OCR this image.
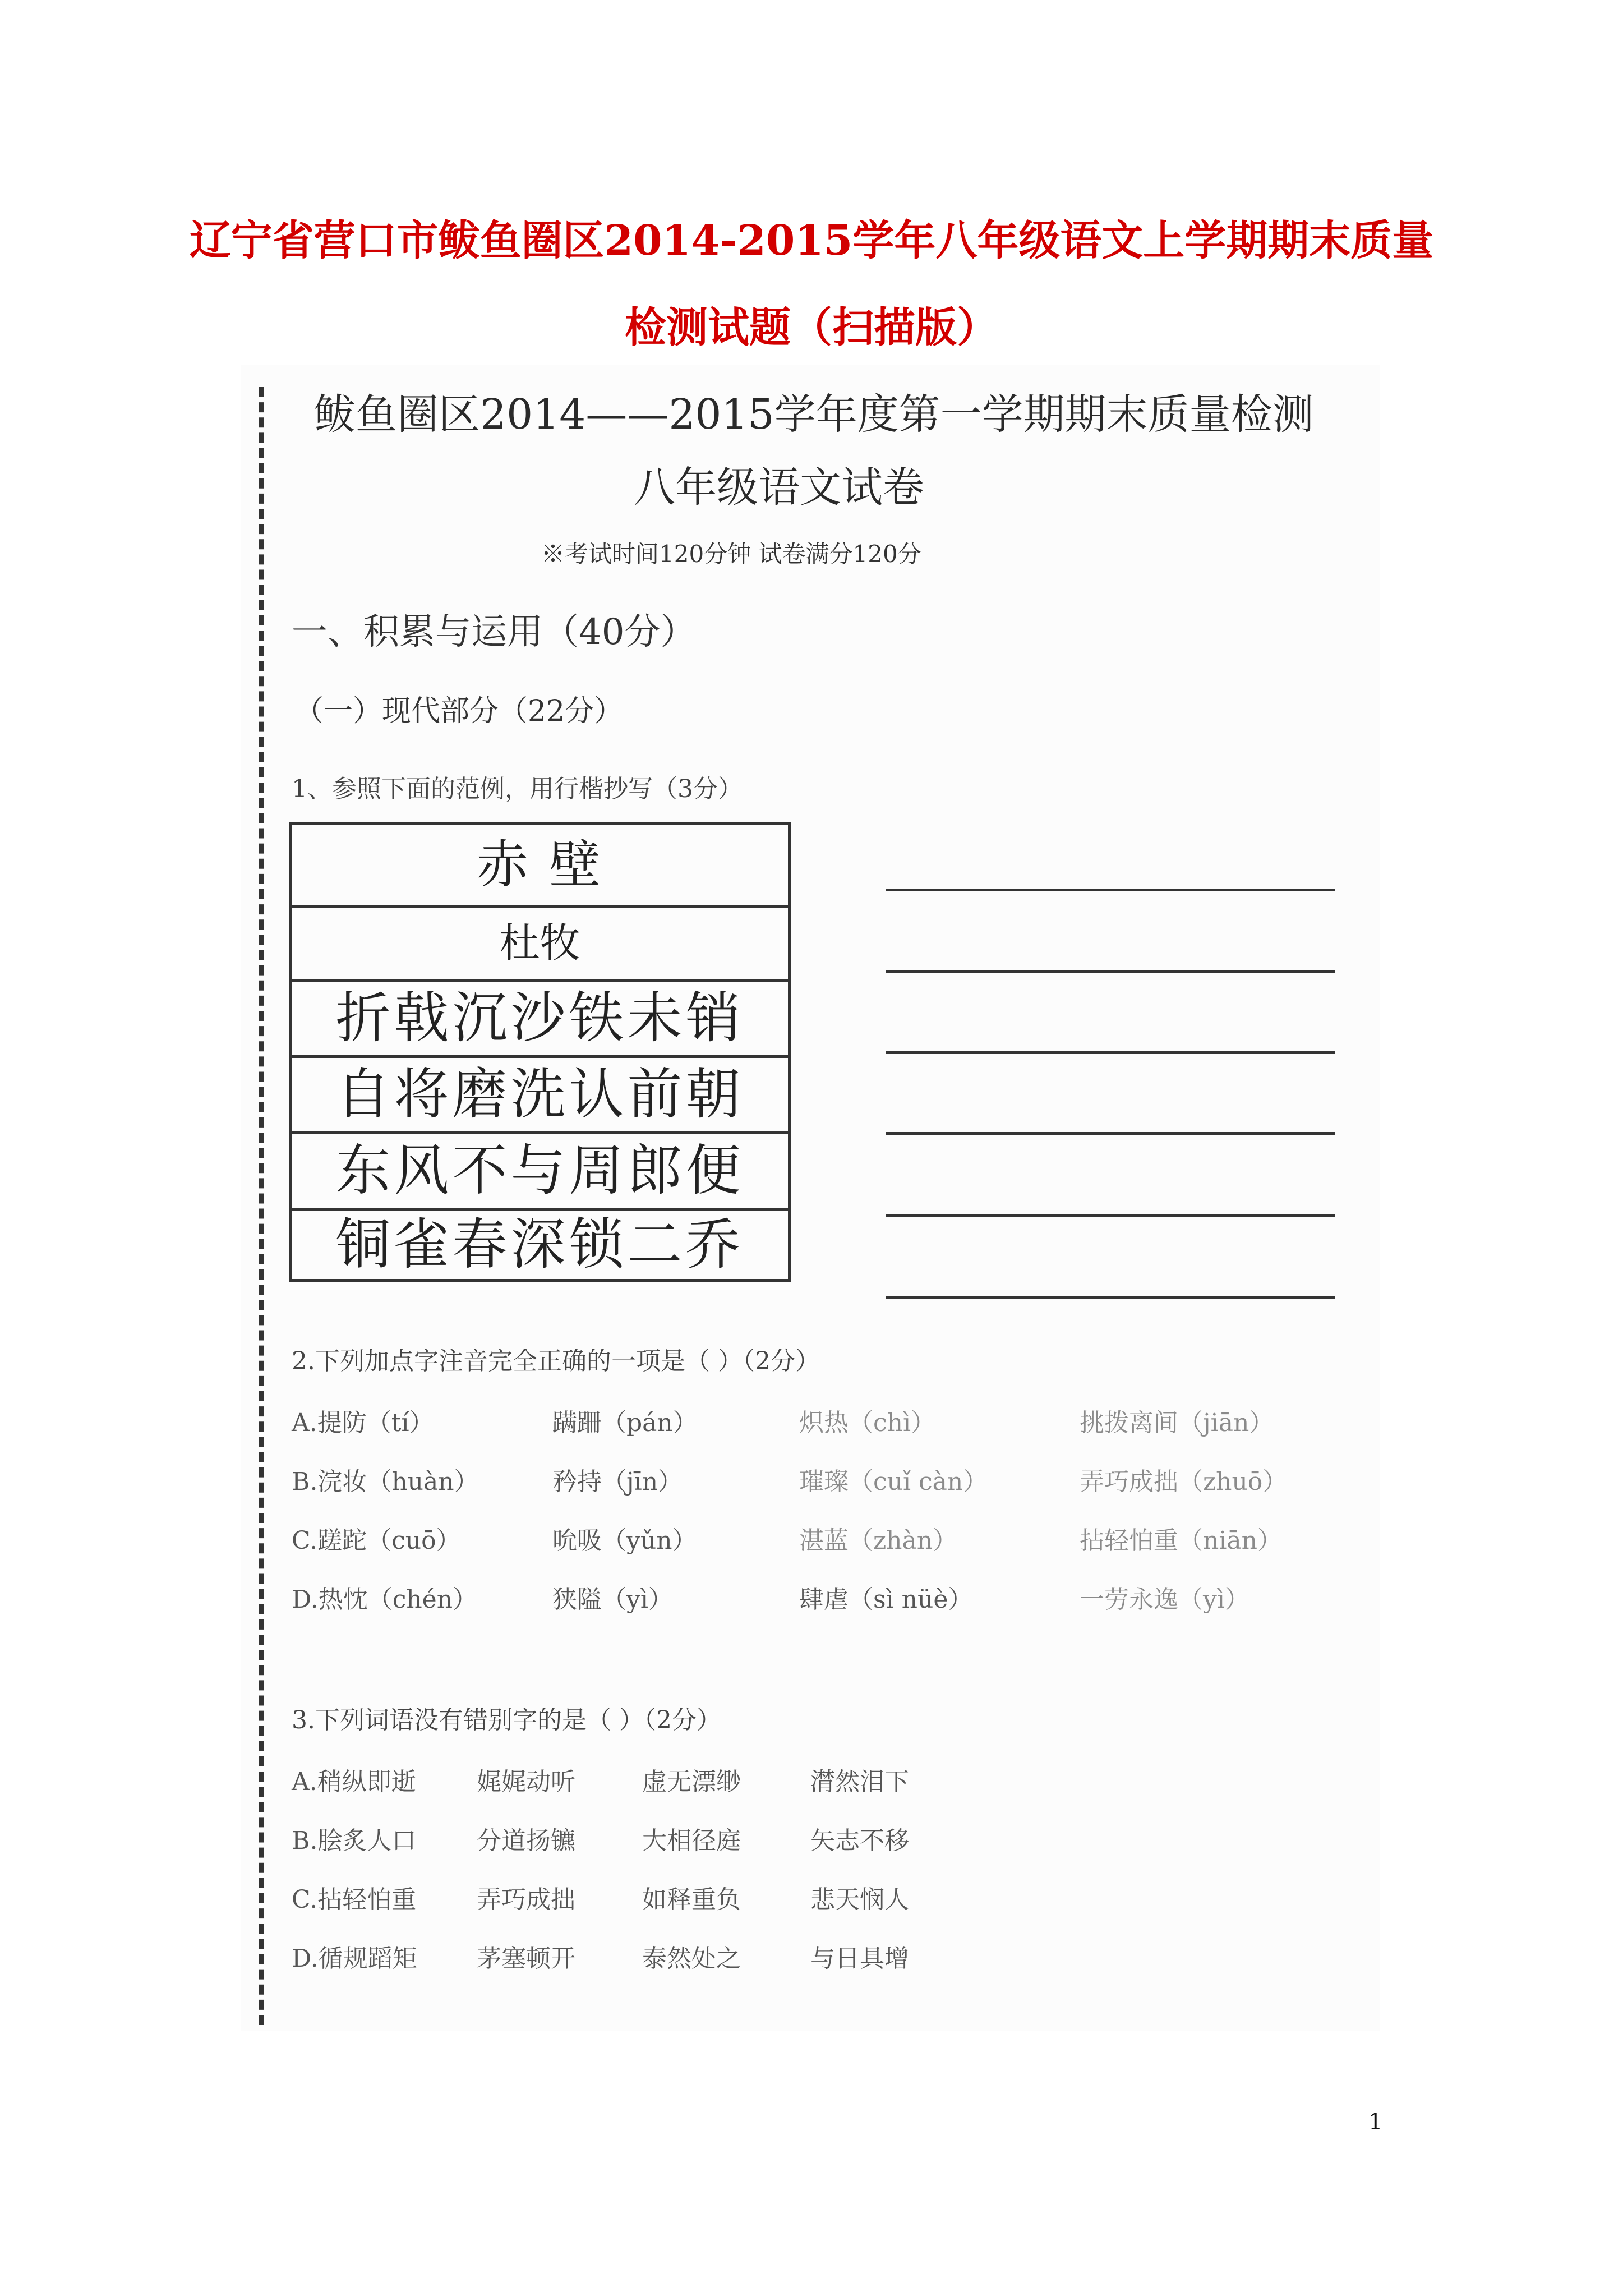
辽宁省营口市鲅鱼圈区2014-2015学年八年级语文上学期期末质量
检测试题（扫描版）
鲅鱼圈区2014——2015学年度第一学期期末质量检测
八年级语文试卷
※考试时间120分钟 试卷满分120分
一、积累与运用（40分）
（一）现代部分（22分）
1、参照下面的范例，用行楷抄写（3分）
赤 壁
杜牧
折戟沉沙铁未销
自将磨洗认前朝
东风不与周郎便
铜雀春深锁二乔
2.下列加点字注音完全正确的一项是（ ）（2分）
A.提防（tí）	蹒跚（pán）	炽热（chì）	挑拨离间（jiān）
B.浣妆（huàn）	矜持（jīn）	璀璨（cuǐ càn）	弄巧成拙（zhuō）
C.蹉跎（cuō）	吮吸（yǔn）	湛蓝（zhàn）	拈轻怕重（niān）
D.热忱（chén）	狭隘（yì）	肆虐（sì nüè）	一劳永逸（yì）
3.下列词语没有错别字的是（ ）（2分）
A.稍纵即逝 娓娓动听	虚无漂缈	潸然泪下
B.脍炙人口 分道扬镳	大相径庭	矢志不移
C.拈轻怕重 弄巧成拙	如释重负	悲天悯人
D.循规蹈矩 茅塞顿开	泰然处之	与日具增
1
